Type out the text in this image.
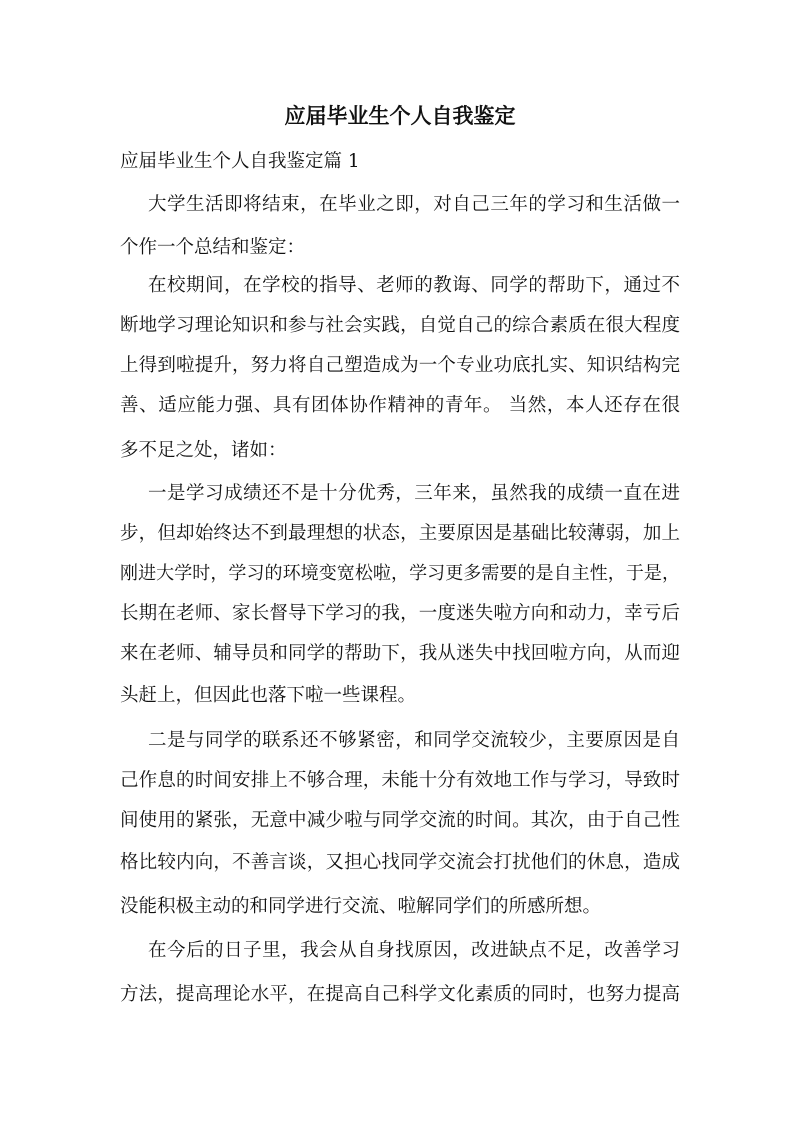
应届毕业生个人自我鉴定

应届毕业生个人自我鉴定篇 1

大学生活即将结束，在毕业之即，对自己三年的学习和生活做一

个作一个总结和鉴定：

在校期间，在学校的指导、老师的教诲、同学的帮助下，通过不

断地学习理论知识和参与社会实践，自觉自己的综合素质在很大程度

上得到啦提升，努力将自己塑造成为一个专业功底扎实、知识结构完

善、适应能力强、具有团体协作精神的青年。 当然，本人还存在很

多不足之处，诸如：

一是学习成绩还不是十分优秀，三年来，虽然我的成绩一直在进

步，但却始终达不到最理想的状态，主要原因是基础比较薄弱，加上

刚进大学时，学习的环境变宽松啦，学习更多需要的是自主性，于是，

长期在老师、家长督导下学习的我，一度迷失啦方向和动力，幸亏后

来在老师、辅导员和同学的帮助下，我从迷失中找回啦方向，从而迎

头赶上，但因此也落下啦一些课程。

二是与同学的联系还不够紧密，和同学交流较少，主要原因是自

己作息的时间安排上不够合理，未能十分有效地工作与学习，导致时

间使用的紧张，无意中减少啦与同学交流的时间。其次，由于自己性

格比较内向，不善言谈，又担心找同学交流会打扰他们的休息，造成

没能积极主动的和同学进行交流、啦解同学们的所感所想。

在今后的日子里，我会从自身找原因，改进缺点不足，改善学习

方法，提高理论水平，在提高自己科学文化素质的同时，也努力提高
